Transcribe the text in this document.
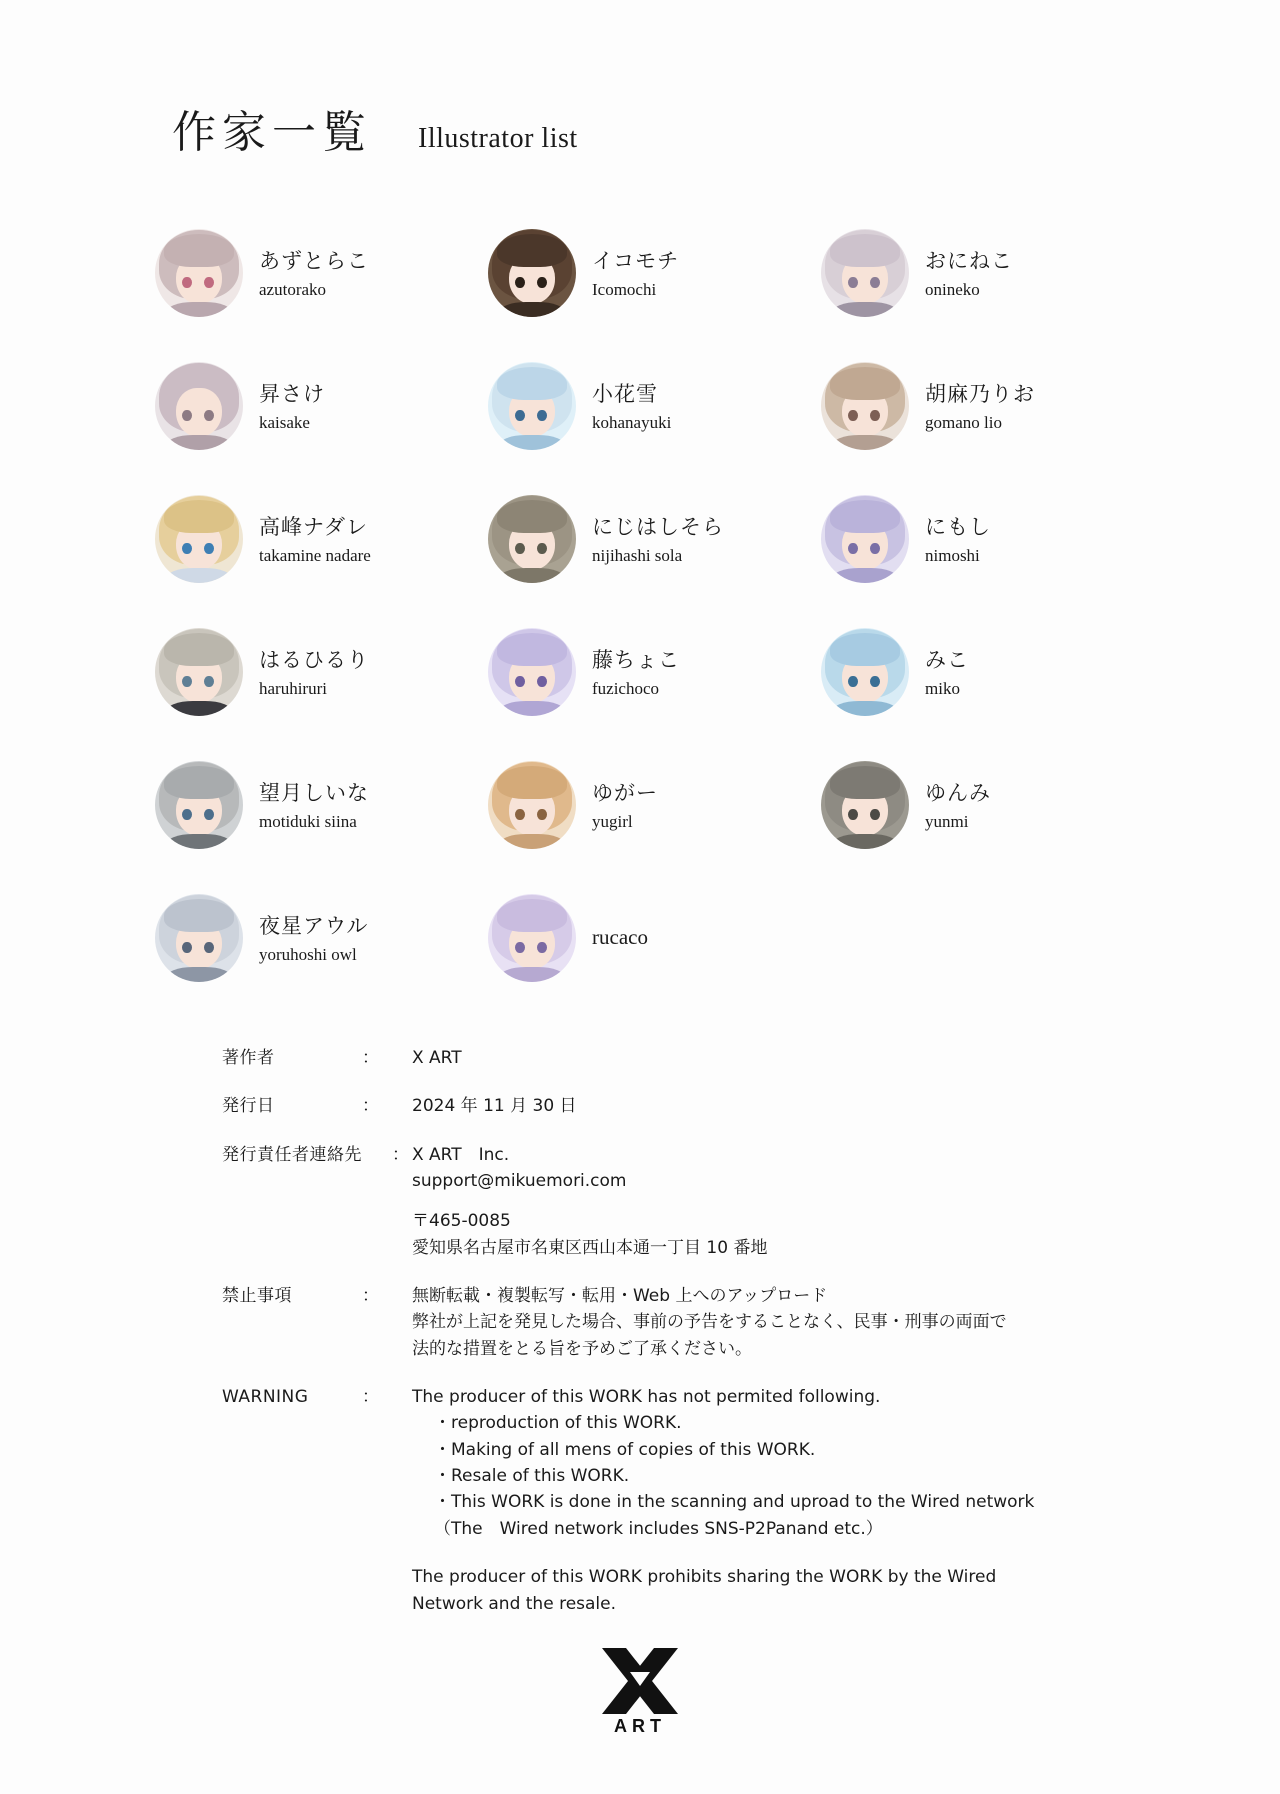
作家一覧 Illustrator list
あずとらこ
azutorako
イコモチ
Icomochi
おにねこ
onineko
昇さけ
kaisake
小花雪
kohanayuki
胡麻乃りお
gomano lio
高峰ナダレ
takamine nadare
にじはしそら
nijihashi sola
にもし
nimoshi
はるひるり
haruhiruri
藤ちょこ
fuzichoco
みこ
miko
望月しいな
motiduki siina
ゆがー
yugirl
ゆんみ
yunmi
夜星アウル
yoruhoshi owl
rucaco
著作者	：	X ART
発行日	：	2024 年 11 月 30 日
発行責任者連絡先	： X ART　Inc.
support@mikuemori.com
〒465-0085
愛知県名古屋市名東区西山本通一丁目 10 番地
禁止事項	：	無断転載・複製転写・転用・Web 上へのアップロード
弊社が上記を発見した場合、事前の予告をすることなく、民事・刑事の両面で
法的な措置をとる旨を予めご了承ください。
WARNING	：	The producer of this WORK has not permited following.
・reproduction of this WORK.
・Making of all mens of copies of this WORK.
・Resale of this WORK.
・This WORK is done in the scanning and uproad to the Wired network
（The　Wired network includes SNS-P2Panand etc.）
The producer of this WORK prohibits sharing the WORK by the Wired
Network and the resale.
ART
